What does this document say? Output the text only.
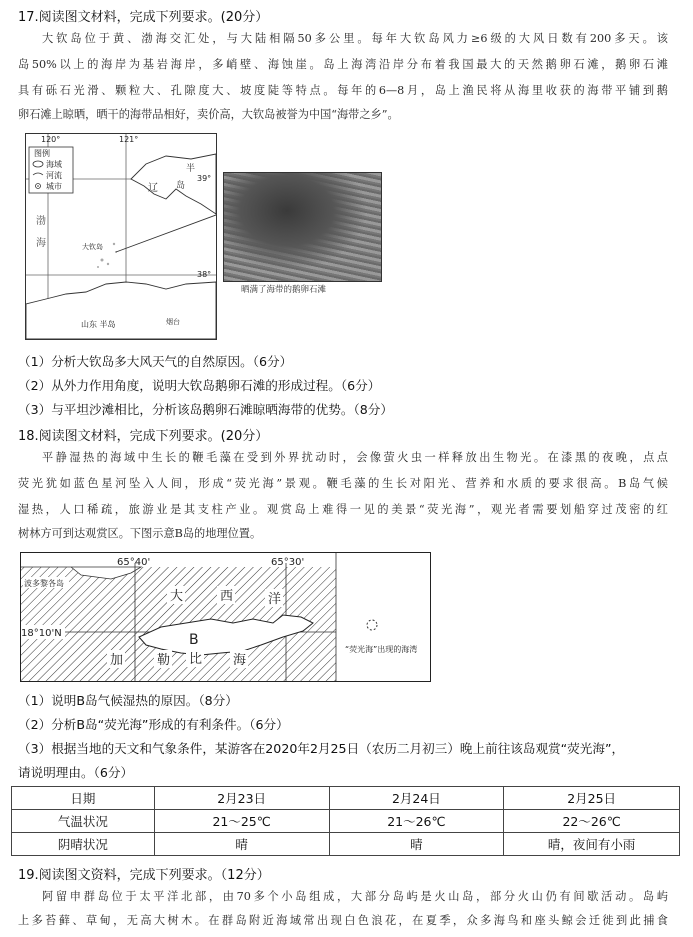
17.阅读图文材料，完成下列要求。(20分）
大钦岛位于黄、渤海交汇处，与大陆相隔50多公里。每年大钦岛风力≥6级的大风日数有200多天。该
岛50%以上的海岸为基岩海岸，多峭壁、海蚀崖。岛上海湾沿岸分布着我国最大的天然鹅卵石滩，鹅卵石滩
具有砾石光滑、颗粒大、孔隙度大、坡度陡等特点。每年的6—8月，岛上渔民将从海里收获的海带平铺到鹅
卵石滩上晾晒，晒干的海带品相好，卖价高，大钦岛被誉为中国“海带之乡”。
图例
海域
河流
城市
120°	121°
39°
38°
辽
半
岛
渤
海	大钦岛
山东 半岛	烟台
晒满了海带的鹅卵石滩
（1）分析大钦岛多大风天气的自然原因。（6分）
（2）从外力作用角度，说明大钦岛鹅卵石滩的形成过程。（6分）
（3）与平坦沙滩相比，分析该岛鹅卵石滩晾晒海带的优势。（8分）
18.阅读图文材料，完成下列要求。(20分）
平静湿热的海域中生长的鞭毛藻在受到外界扰动时，会像萤火虫一样释放出生物光。在漆黑的夜晚，点点
荧光犹如蓝色星河坠入人间，形成“荧光海”景观。鞭毛藻的生长对阳光、营养和水质的要求很高。B岛气候
湿热，人口稀疏，旅游业是其支柱产业。观赏岛上难得一见的美景“荧光海”，观光者需要划船穿过茂密的红
树林方可到达观赏区。下图示意B岛的地理位置。
波多黎各岛
65°40'	65°30'
18°10'N
大	西	洋
B
加	勒 比 海
“荧光海”出现的海湾
（1）说明B岛气候湿热的原因。（8分）
（2）分析B岛“荧光海”形成的有利条件。（6分）
（3）根据当地的天文和气象条件，某游客在2020年2月25日（农历二月初三）晚上前往该岛观赏“荧光海”，
请说明理由。（6分）
日期	2月23日	2月24日	2月25日
气温状况	21～25℃	21～26℃	22～26℃
阴晴状况	晴	晴	晴，夜间有小雨
19.阅读图文资料，完成下列要求。（12分）
阿留申群岛位于太平洋北部，由70多个小岛组成，大部分岛屿是火山岛，部分火山仍有间歇活动。岛屿
上多苔藓、草甸，无高大树木。在群岛附近海域常出现白色浪花，在夏季，众多海鸟和座头鲸会迁徙到此捕食
